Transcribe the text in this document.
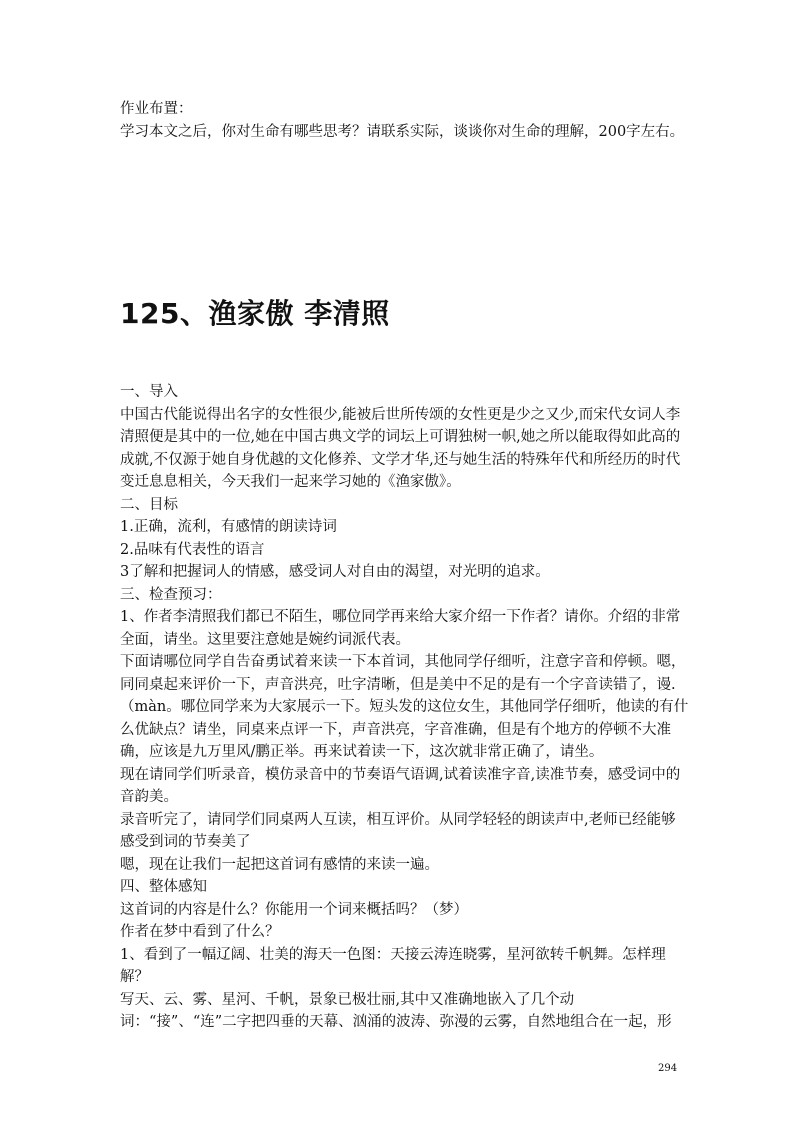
作业布置：

学习本文之后，你对生命有哪些思考？请联系实际，谈谈你对生命的理解，200字左右。

125、渔家傲 李清照

一、导入

中国古代能说得出名字的女性很少,能被后世所传颂的女性更是少之又少,而宋代女词人李清照便是其中的一位,她在中国古典文学的词坛上可谓独树一帜,她之所以能取得如此高的成就,不仅源于她自身优越的文化修养、文学才华,还与她生活的特殊年代和所经历的时代变迁息息相关，今天我们一起来学习她的《渔家傲》。

二、目标

1.正确，流利，有感情的朗读诗词

2.品味有代表性的语言

3了解和把握词人的情感，感受词人对自由的渴望，对光明的追求。

三、检查预习：

1、作者李清照我们都已不陌生，哪位同学再来给大家介绍一下作者？请你。介绍的非常全面，请坐。这里要注意她是婉约词派代表。

下面请哪位同学自告奋勇试着来读一下本首词，其他同学仔细听，注意字音和停顿。嗯，同同桌起来评价一下，声音洪亮，吐字清晰，但是美中不足的是有一个字音读错了，谩.（màn。哪位同学来为大家展示一下。短头发的这位女生，其他同学仔细听，他读的有什么优缺点？请坐，同桌来点评一下，声音洪亮，字音准确，但是有个地方的停顿不大准确，应该是九万里风/鹏正举。再来试着读一下，这次就非常正确了，请坐。

现在请同学们听录音，模仿录音中的节奏语气语调,试着读准字音,读准节奏，感受词中的音韵美。

录音听完了，请同学们同桌两人互读，相互评价。从同学轻轻的朗读声中,老师已经能够感受到词的节奏美了

嗯，现在让我们一起把这首词有感情的来读一遍。

四、整体感知

这首词的内容是什么？你能用一个词来概括吗？（梦）

作者在梦中看到了什么？

1、看到了一幅辽阔、壮美的海天一色图：天接云涛连晓雾，星河欲转千帆舞。怎样理解？

写天、云、雾、星河、千帆，景象已极壮丽,其中又准确地嵌入了几个动词：“接”、“连”二字把四垂的天幕、汹涌的波涛、弥漫的云雾，自然地组合在一起，形

294
